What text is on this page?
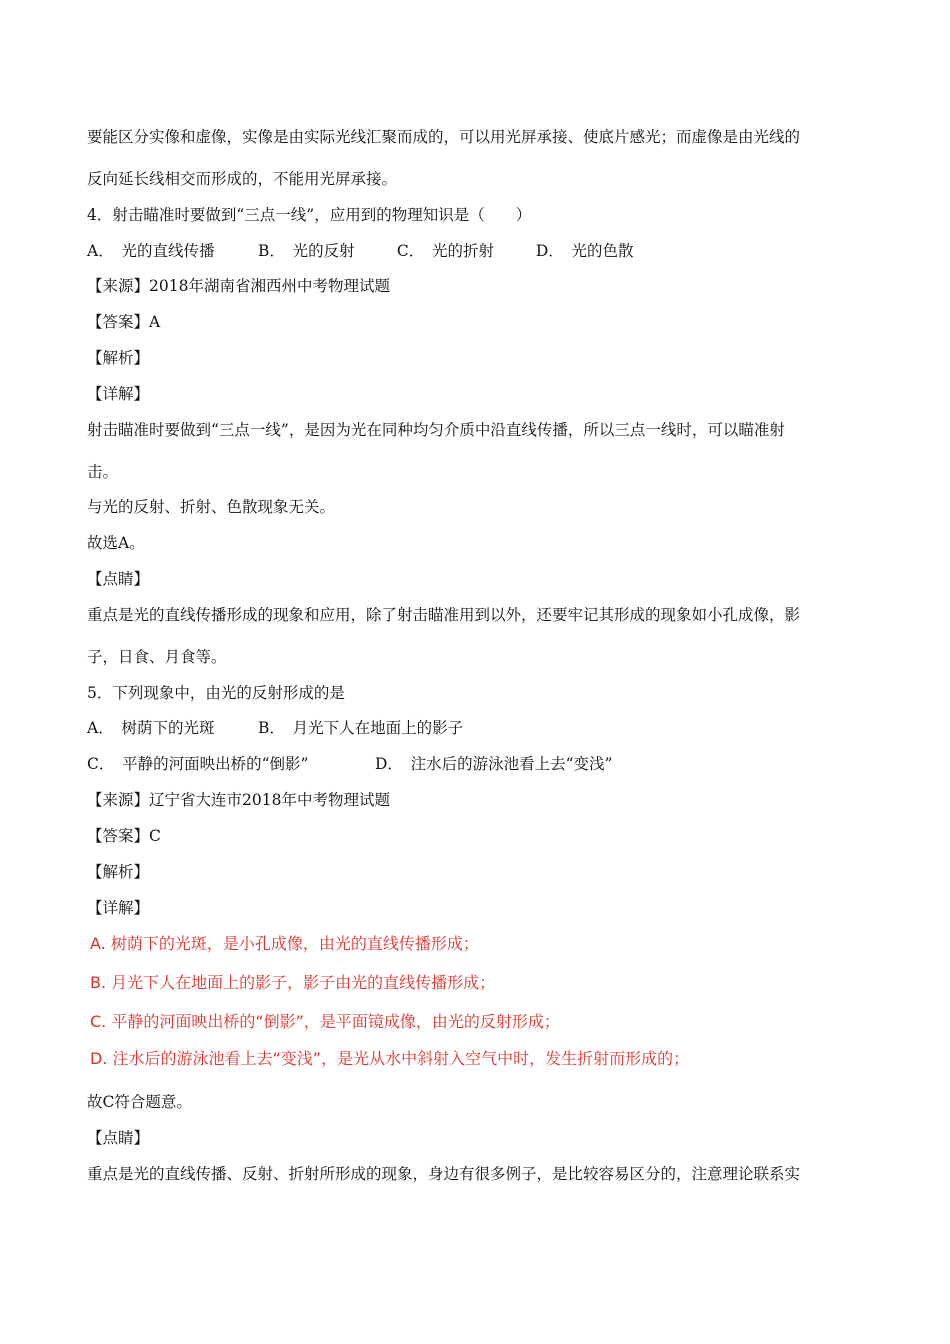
要能区分实像和虚像，实像是由实际光线汇聚而成的，可以用光屏承接、使底片感光；而虚像是由光线的
反向延长线相交而形成的，不能用光屏承接。
4．射击瞄准时要做到“三点一线”，应用到的物理知识是（　　）
A．　光的直线传播	B．　光的反射	C．　光的折射	D．　光的色散
【来源】2018年湖南省湘西州中考物理试题
【答案】A
【解析】
【详解】
射击瞄准时要做到“三点一线”，是因为光在同种均匀介质中沿直线传播，所以三点一线时，可以瞄准射
击。
与光的反射、折射、色散现象无关。
故选A。
【点睛】
重点是光的直线传播形成的现象和应用，除了射击瞄准用到以外，还要牢记其形成的现象如小孔成像，影
子，日食、月食等。
5．下列现象中，由光的反射形成的是
A．　树荫下的光斑	B．　月光下人在地面上的影子
C．　平静的河面映出桥的“倒影”	D．　注水后的游泳池看上去“变浅”
【来源】辽宁省大连市2018年中考物理试题
【答案】C
【解析】
【详解】
A. 树荫下的光斑，是小孔成像，由光的直线传播形成；
B. 月光下人在地面上的影子，影子由光的直线传播形成；
C. 平静的河面映出桥的“倒影”，是平面镜成像，由光的反射形成；
D. 注水后的游泳池看上去“变浅”，是光从水中斜射入空气中时，发生折射而形成的；
故C符合题意。
【点睛】
重点是光的直线传播、反射、折射所形成的现象，身边有很多例子，是比较容易区分的，注意理论联系实
